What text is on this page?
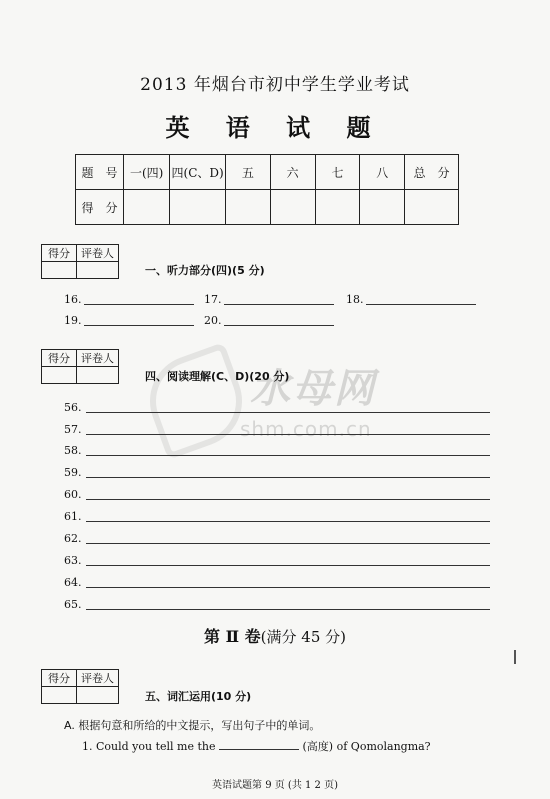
2013 年烟台市初中学生学业考试
英 语 试 题
题　号	一(四)	四(C、D)	五	六	七	八	总　分
得　分							
水母网
shm.com.cn
得分	评卷人

一、听力部分(四)(5 分)
16.	17.	18.
19.	20.
得分	评卷人

四、阅读理解(C、D)(20 分)
56.
57.
58.
59.
60.
61.
62.
63.
64.
65.
第 Ⅱ 卷(满分 45 分)
得分	评卷人

五、词汇运用(10 分)
A. 根据句意和所给的中文提示，写出句子中的单词。
1. Could you tell me the	(高度) of Qomolangma?
英语试题第 9 页 (共 1 2 页)
